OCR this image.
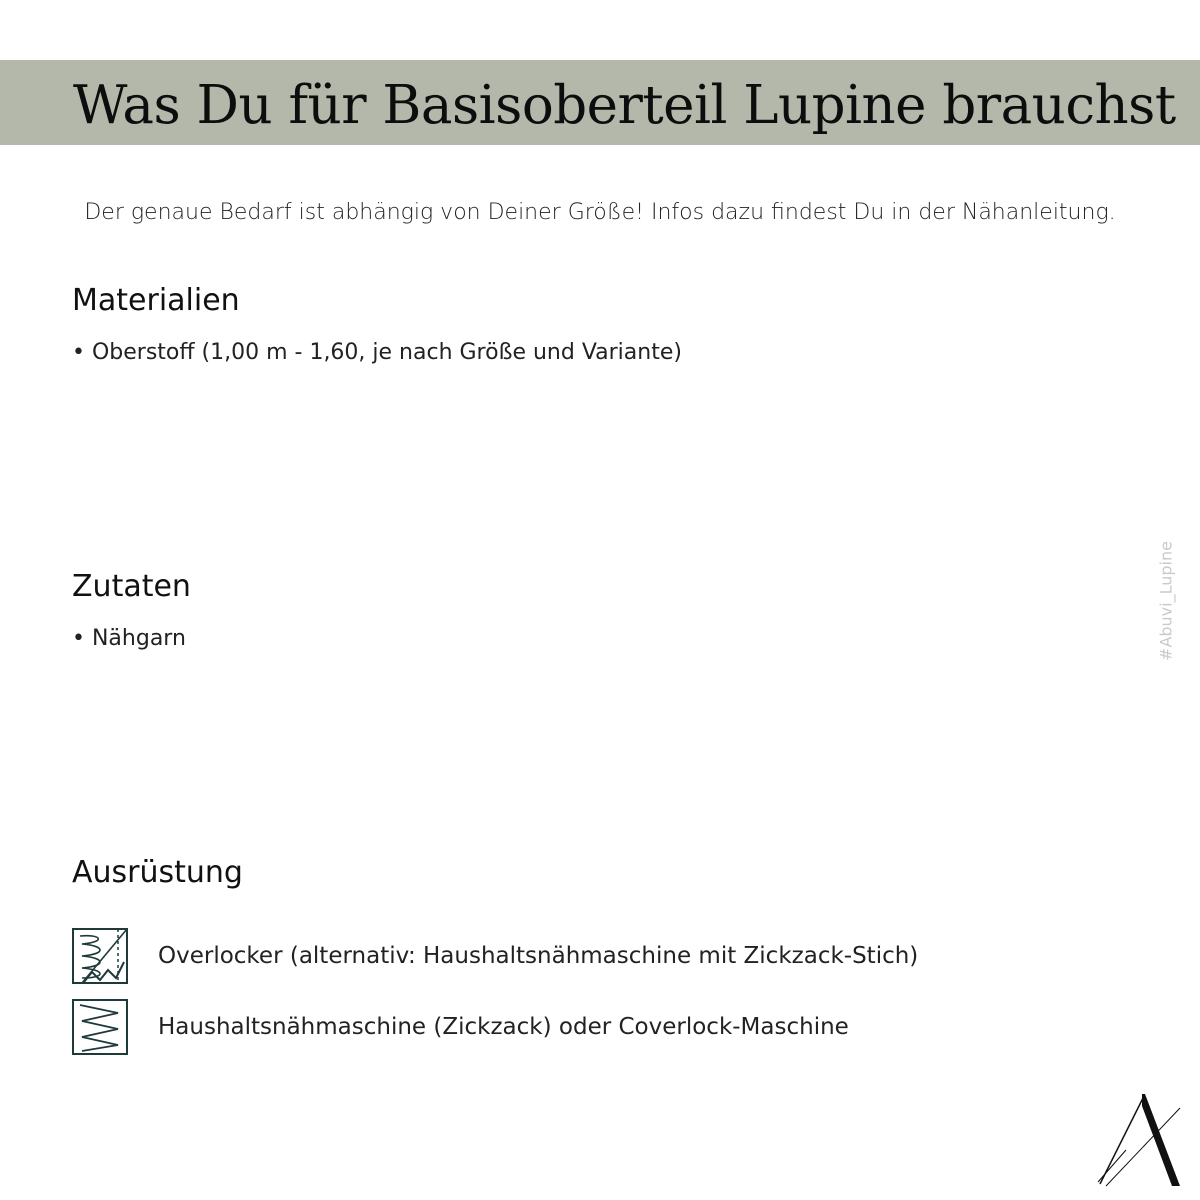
Was Du für Basisoberteil Lupine brauchst
Der genaue Bedarf ist abhängig von Deiner Größe! Infos dazu findest Du in der Nähanleitung.
Materialien
• Oberstoff (1,00 m - 1,60, je nach Größe und Variante)
Zutaten
• Nähgarn
Ausrüstung
Overlocker (alternativ: Haushaltsnähmaschine mit Zickzack-Stich)
Haushaltsnähmaschine (Zickzack) oder Coverlock-Maschine
#Abuvi_Lupine
